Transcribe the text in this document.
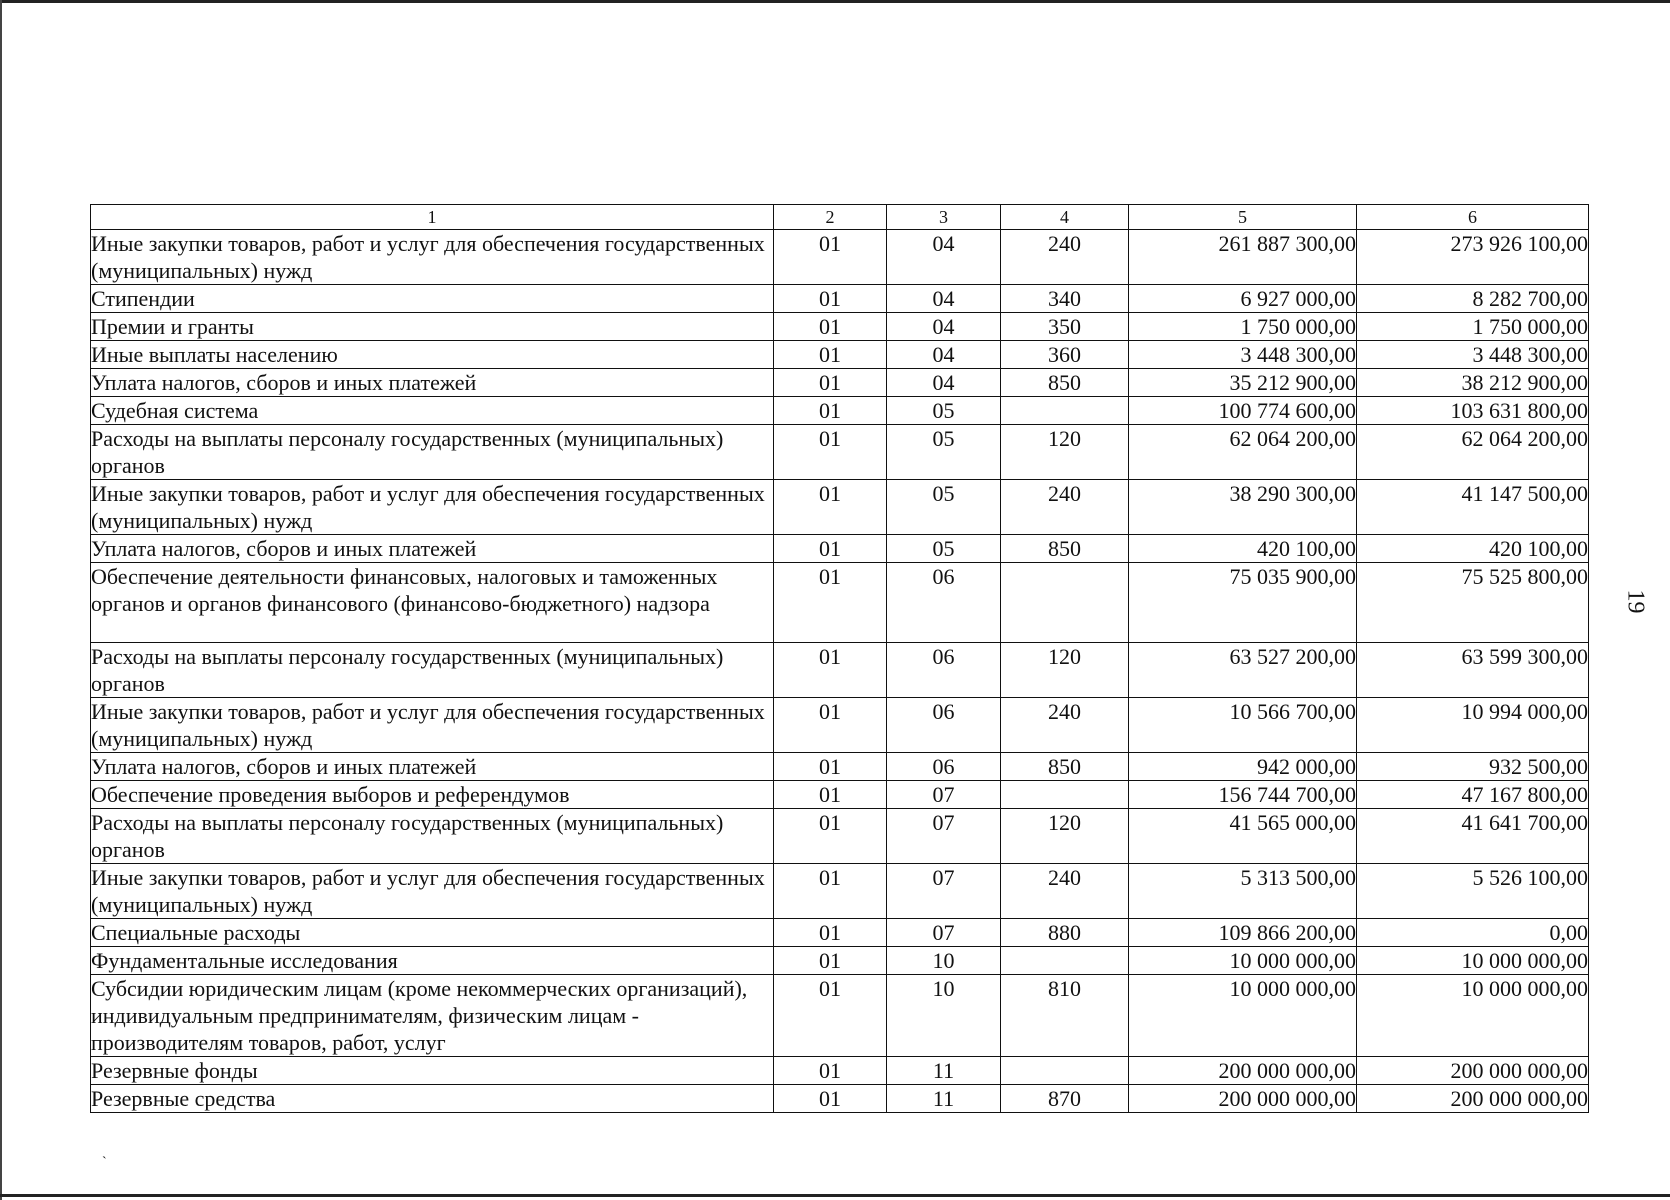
19
1	2	3	4	5	6
Иные закупки товаров, работ и услуг для обеспечения государственных (муниципальных) нужд	01	04	240	261 887 300,00	273 926 100,00
Стипендии	01	04	340	6 927 000,00	8 282 700,00
Премии и гранты	01	04	350	1 750 000,00	1 750 000,00
Иные выплаты населению	01	04	360	3 448 300,00	3 448 300,00
Уплата налогов, сборов и иных платежей	01	04	850	35 212 900,00	38 212 900,00
Судебная система	01	05		100 774 600,00	103 631 800,00
Расходы на выплаты персоналу государственных (муниципальных) органов	01	05	120	62 064 200,00	62 064 200,00
Иные закупки товаров, работ и услуг для обеспечения государственных (муниципальных) нужд	01	05	240	38 290 300,00	41 147 500,00
Уплата налогов, сборов и иных платежей	01	05	850	420 100,00	420 100,00
Обеспечение деятельности финансовых, налоговых и таможенных органов и органов финансового (финансово-бюджетного) надзора	01	06		75 035 900,00	75 525 800,00
Расходы на выплаты персоналу государственных (муниципальных) органов	01	06	120	63 527 200,00	63 599 300,00
Иные закупки товаров, работ и услуг для обеспечения государственных (муниципальных) нужд	01	06	240	10 566 700,00	10 994 000,00
Уплата налогов, сборов и иных платежей	01	06	850	942 000,00	932 500,00
Обеспечение проведения выборов и референдумов	01	07		156 744 700,00	47 167 800,00
Расходы на выплаты персоналу государственных (муниципальных) органов	01	07	120	41 565 000,00	41 641 700,00
Иные закупки товаров, работ и услуг для обеспечения государственных (муниципальных) нужд	01	07	240	5 313 500,00	5 526 100,00
Специальные расходы	01	07	880	109 866 200,00	0,00
Фундаментальные исследования	01	10		10 000 000,00	10 000 000,00
Субсидии юридическим лицам (кроме некоммерческих организаций), индивидуальным предпринимателям, физическим лицам - производителям товаров, работ, услуг	01	10	810	10 000 000,00	10 000 000,00
Резервные фонды	01	11		200 000 000,00	200 000 000,00
Резервные средства	01	11	870	200 000 000,00	200 000 000,00
ˋ
